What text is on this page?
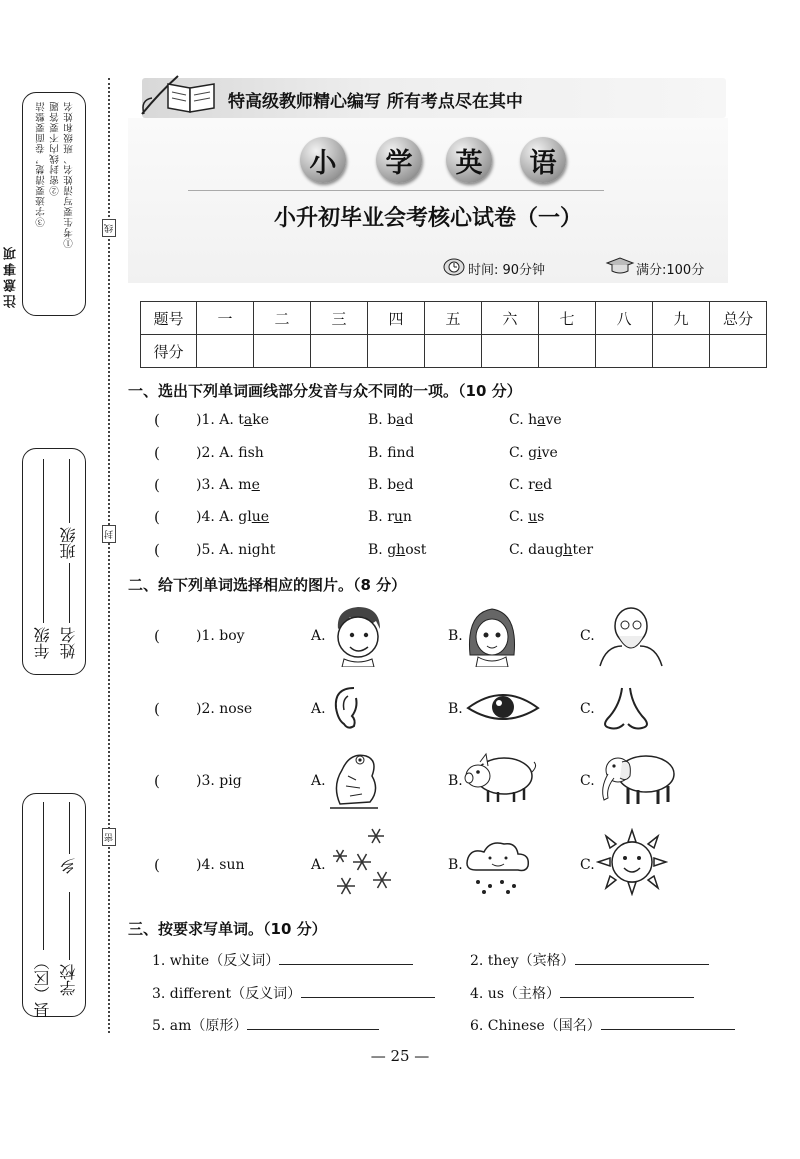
①考生要写清姓名、班级和姓名
②密封线内不要答题
③字迹要清楚，卷面要整洁
注意事项
线
封
密
年级
班级
姓名
县（区）
乡
学校
特高级教师精心编写 所有考点尽在其中
小	学	英	语
小升初毕业会考核心试卷（一）
时间: 90分钟	满分:100分
题号	一	二	三	四	五	六	七	八	九	总分
得分										
一、选出下列单词画线部分发音与众不同的一项。（10 分）
(	)1. A. take	B. bad	C. have
(	)2. A. fsh	B. fnd	C. give
(	)3. A. me	B. bed	C. red
(	)4. A. glue	B. run	C. us
(	)5. A. night	B. ghost	C. daughter
二、给下列单词选择相应的图片。（8 分）
(	)1. boy	A.	B.	C.
(	)2. nose	A.	B.	C.
(	)3. pig	A.	B.	C.
(	)4. sun	A.	B.	C.
三、按要求写单词。（10 分）
1. white（反义词）	2. they（宾格）
3. different（反义词）	4. us（主格）
5. am（原形）	6. Chinese（国名）
— 25 —
